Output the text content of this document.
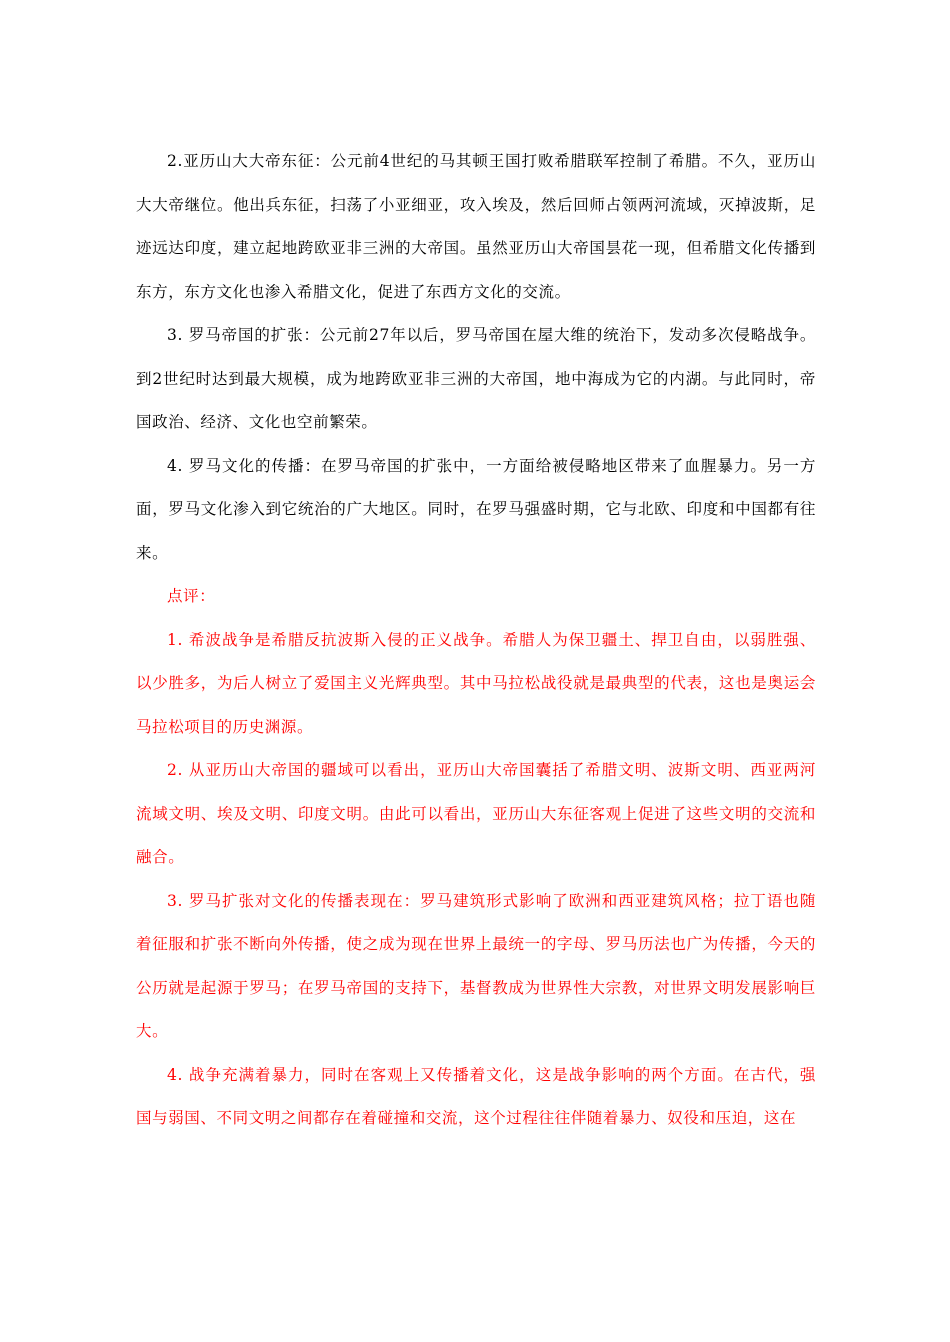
2.亚历山大大帝东征：公元前4世纪的马其顿王国打败希腊联军控制了希腊。不久，亚历山大大帝继位。他出兵东征，扫荡了小亚细亚，攻入埃及，然后回师占领两河流域，灭掉波斯，足迹远达印度，建立起地跨欧亚非三洲的大帝国。虽然亚历山大帝国昙花一现，但希腊文化传播到东方，东方文化也渗入希腊文化，促进了东西方文化的交流。

3. 罗马帝国的扩张：公元前27年以后，罗马帝国在屋大维的统治下，发动多次侵略战争。到2世纪时达到最大规模，成为地跨欧亚非三洲的大帝国，地中海成为它的内湖。与此同时，帝国政治、经济、文化也空前繁荣。

4. 罗马文化的传播：在罗马帝国的扩张中，一方面给被侵略地区带来了血腥暴力。另一方面，罗马文化渗入到它统治的广大地区。同时，在罗马强盛时期，它与北欧、印度和中国都有往来。

点评：

1. 希波战争是希腊反抗波斯入侵的正义战争。希腊人为保卫疆土、捍卫自由，以弱胜强、以少胜多，为后人树立了爱国主义光辉典型。其中马拉松战役就是最典型的代表，这也是奥运会马拉松项目的历史渊源。

2. 从亚历山大帝国的疆域可以看出，亚历山大帝国囊括了希腊文明、波斯文明、西亚两河流域文明、埃及文明、印度文明。由此可以看出，亚历山大东征客观上促进了这些文明的交流和融合。

3. 罗马扩张对文化的传播表现在：罗马建筑形式影响了欧洲和西亚建筑风格；拉丁语也随着征服和扩张不断向外传播，使之成为现在世界上最统一的字母、罗马历法也广为传播，今天的公历就是起源于罗马；在罗马帝国的支持下，基督教成为世界性大宗教，对世界文明发展影响巨大。

4. 战争充满着暴力，同时在客观上又传播着文化，这是战争影响的两个方面。在古代，强国与弱国、不同文明之间都存在着碰撞和交流，这个过程往往伴随着暴力、奴役和压迫，这在
